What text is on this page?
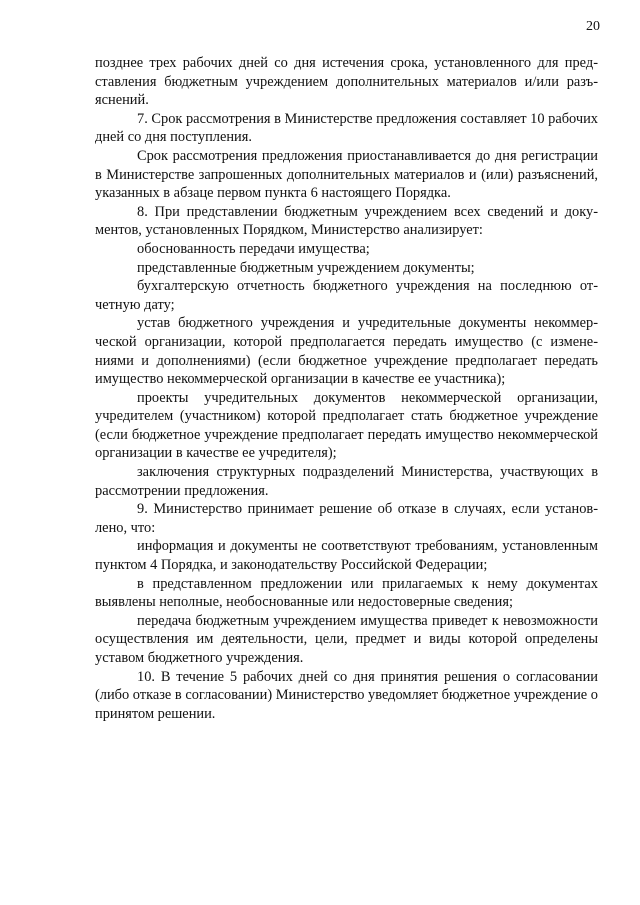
20

позднее трех рабочих дней со дня истечения срока, установленного для представления бюджетным учреждением дополнительных материалов и/или разъяснений.

7. Срок рассмотрения в Министерстве предложения составляет 10 рабочих дней со дня поступления.

Срок рассмотрения предложения приостанавливается до дня регистрации в Министерстве запрошенных дополнительных материалов и (или) разъяснений, указанных в абзаце первом пункта 6 настоящего Порядка.

8. При представлении бюджетным учреждением всех сведений и документов, установленных Порядком, Министерство анализирует:

обоснованность передачи имущества;

представленные бюджетным учреждением документы;

бухгалтерскую отчетность бюджетного учреждения на последнюю отчетную дату;

устав бюджетного учреждения и учредительные документы некоммерческой организации, которой предполагается передать имущество (с изменениями и дополнениями) (если бюджетное учреждение предполагает передать имущество некоммерческой организации в качестве ее участника);

проекты учредительных документов некоммерческой организации, учредителем (участником) которой предполагает стать бюджетное учреждение (если бюджетное учреждение предполагает передать имущество некоммерческой организации в качестве ее учредителя);

заключения структурных подразделений Министерства, участвующих в рассмотрении предложения.

9. Министерство принимает решение об отказе в случаях, если установлено, что:

информация и документы не соответствуют требованиям, установленным пунктом 4 Порядка, и законодательству Российской Федерации;

в представленном предложении или прилагаемых к нему документах выявлены неполные, необоснованные или недостоверные сведения;

передача бюджетным учреждением имущества приведет к невозможности осуществления им деятельности, цели, предмет и виды которой определены уставом бюджетного учреждения.

10. В течение 5 рабочих дней со дня принятия решения о согласовании (либо отказе в согласовании) Министерство уведомляет бюджетное учреждение о принятом решении.
